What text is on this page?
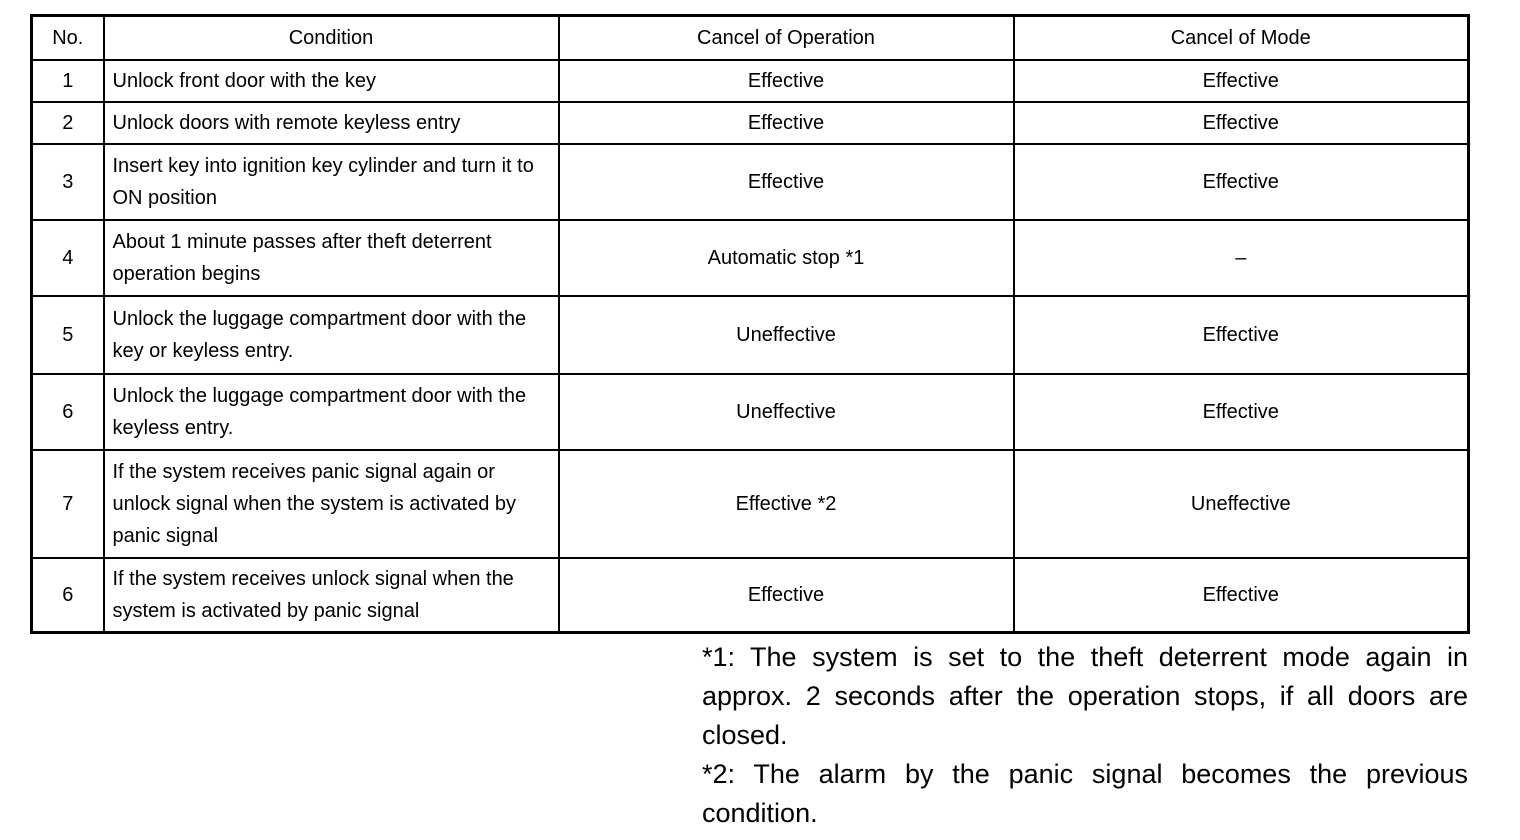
No.	Condition	Cancel of Operation	Cancel of Mode
1	Unlock front door with the key	Effective	Effective
2	Unlock doors with remote keyless entry	Effective	Effective
3	Insert key into ignition key cylinder and turn it to ON position	Effective	Effective
4	About 1 minute passes after theft deterrent operation begins	Automatic stop *1	–
5	Unlock the luggage compartment door with the key or keyless entry.	Uneffective	Effective
6	Unlock the luggage compartment door with the keyless entry.	Uneffective	Effective
7	If the system receives panic signal again or unlock signal when the system is activated by panic signal	Effective *2	Uneffective
6	If the system receives unlock signal when the system is activated by panic signal	Effective	Effective

*1: The system is set to the theft deterrent mode again in approx. 2 seconds after the operation stops, if all doors are closed.

*2: The alarm by the panic signal becomes the previous condition.
